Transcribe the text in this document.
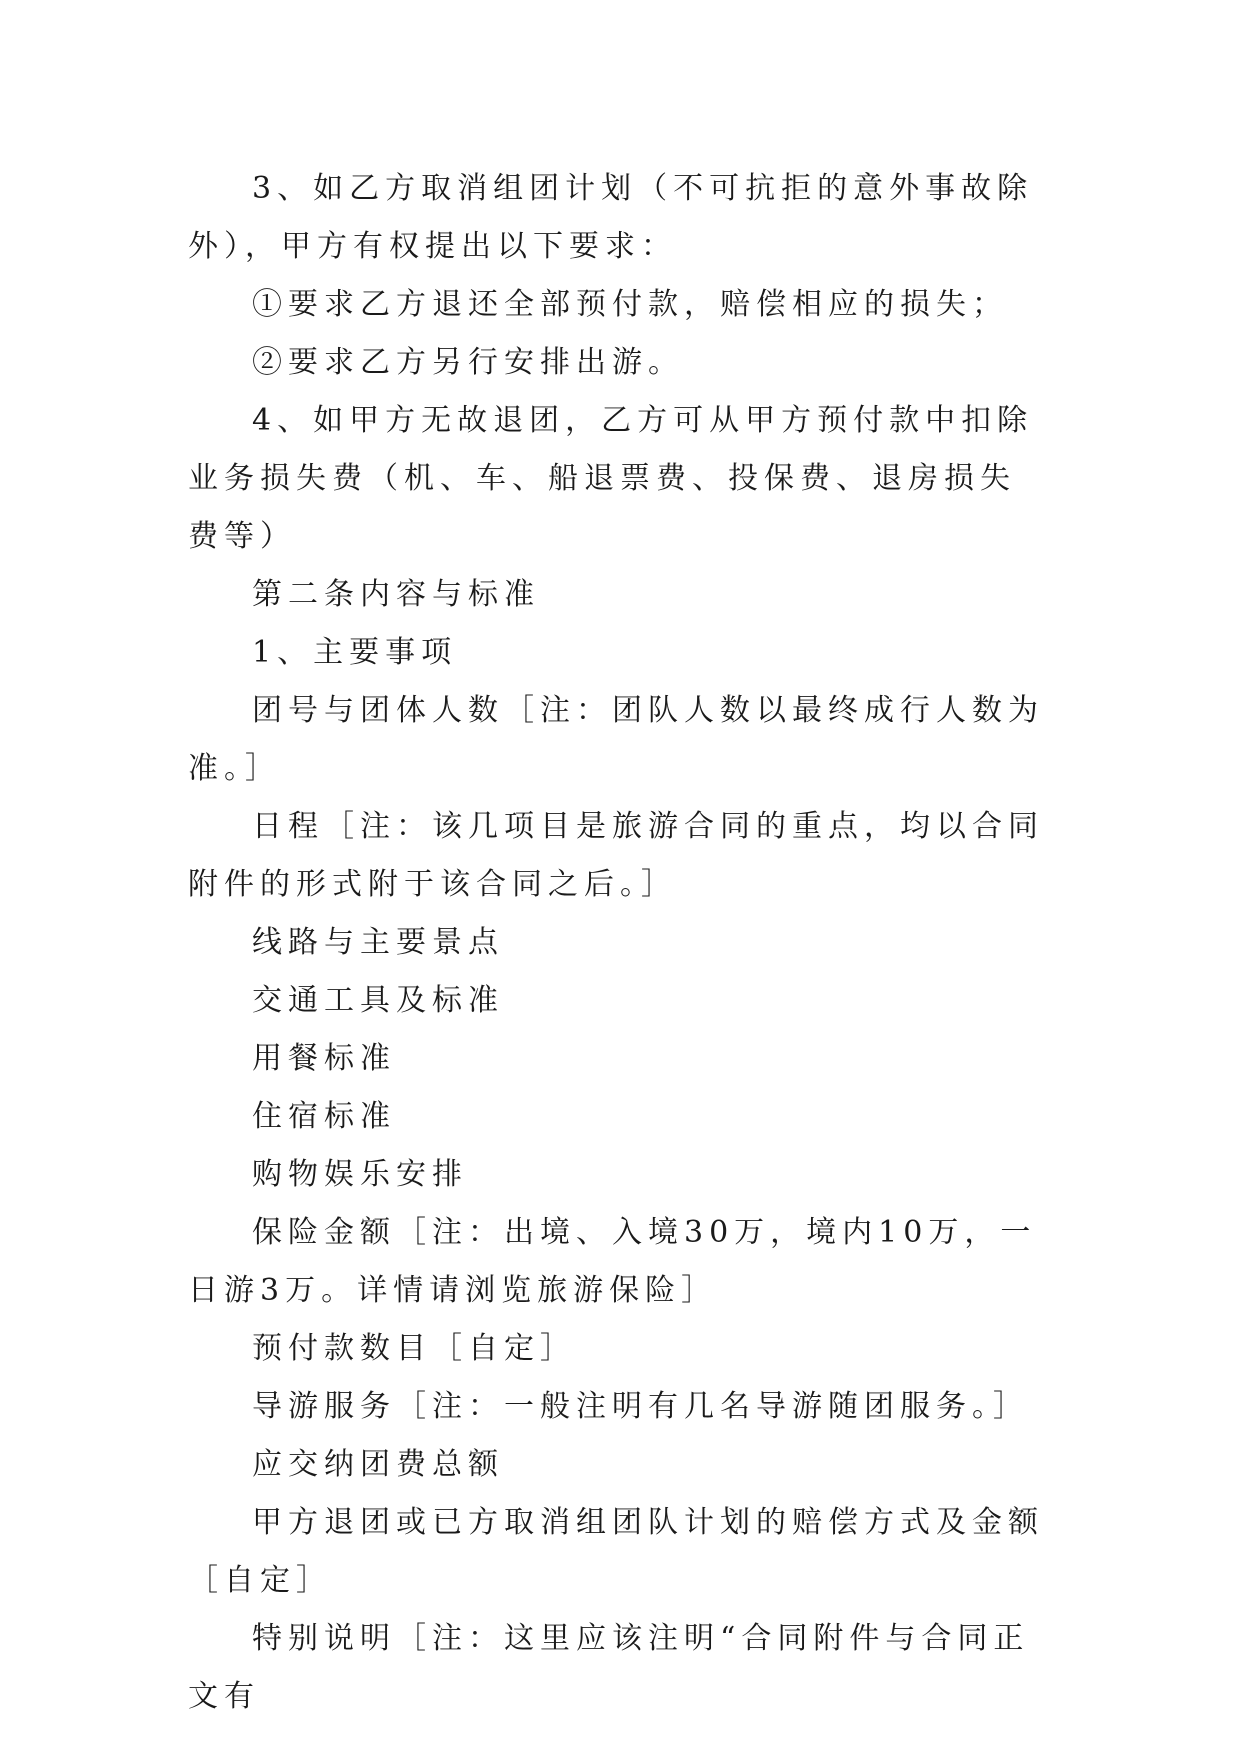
3、如乙方取消组团计划（不可抗拒的意外事故除外），甲方有权提出以下要求：

①要求乙方退还全部预付款，赔偿相应的损失；

②要求乙方另行安排出游。

4、如甲方无故退团，乙方可从甲方预付款中扣除业务损失费（机、车、船退票费、投保费、退房损失费等）

第二条内容与标准

1、主要事项

团号与团体人数［注：团队人数以最终成行人数为准。］

日程［注：该几项目是旅游合同的重点，均以合同附件的形式附于该合同之后。］

线路与主要景点

交通工具及标准

用餐标准

住宿标准

购物娱乐安排

保险金额［注：出境、入境30万，境内10万，一日游3万。详情请浏览旅游保险］

预付款数目［自定］

导游服务［注：一般注明有几名导游随团服务。］

应交纳团费总额

甲方退团或已方取消组团队计划的赔偿方式及金额［自定］

特别说明［注：这里应该注明“合同附件与合同正文有
